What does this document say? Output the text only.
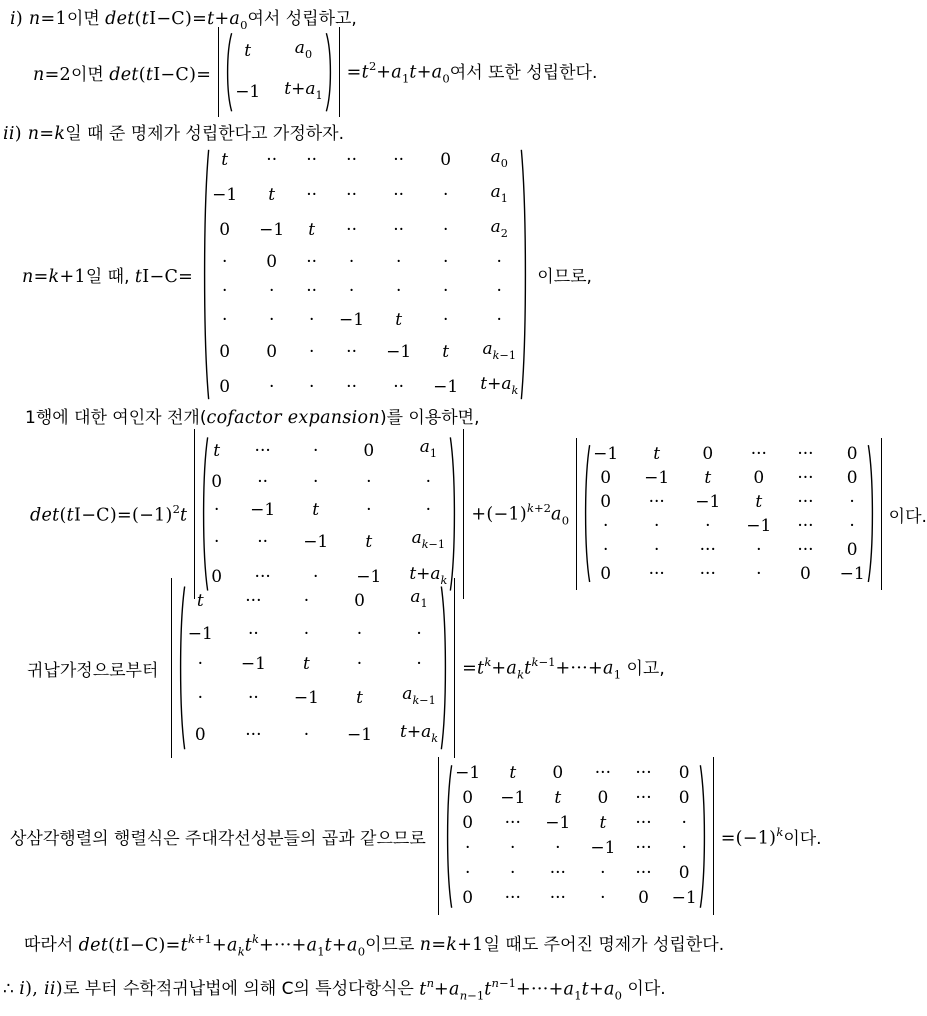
i) n=1 이면 $\det(tI-C)=t+a_0$ 여서 성립하고,
n=2 이면 det(tI−C)=
t	$a_0$
−1 $t+a_1$
$=t^2+a_1t+a_0$ 여서 또한 성립한다.
ii) n=k 일 때 준 명제가 성립한다고 가정하자.
n=k+1 일 때, tI−C=
t ·· ·· ·· ·· 0 $a_0$
−1 t ·· ·· ·· · $a_1$
0 −1 t ·· ·· · $a_2$
· 0 ·· · · ·	·
· · ·· · · ·	·
· · · −1 t ·	·
0 0 · ·· −1 t $a_{k-1}$
0 · · ·· ·· −1 $t+a_k$
이므로,
1행에 대한 여인자 전개( cofactor expansion )를 이용하면,
$\det(tI-C)=(-1)^2t$
t ··· ·	0	$a_1$
0 ··	·	·	·
· −1 t	·	·
· ·· −1 t $a_{k-1}$
0 ··· · −1 $t+a_k$
$+(-1)^{k+2}a_0$
−1 t 0 ··· ··· 0
0 −1 t 0 ··· 0
0 ··· −1 t ··· ·
·	·	· −1 ··· ·
·	· ··· · ··· 0
0 ··· ··· · 0 −1
이다.
귀납가정으로부터
t ··· ·	0	$a_1$
−1 ··	·	·	·
· −1 t	·	·
·	·· −1 t $a_{k-1}$
0 ··· · −1 $t+a_k$
$=t^k+a_kt^{k-1}+\cdot\cdot\cdot+a_1$ 이고,
상삼각행렬의 행렬식은 주대각선성분들의 곱과 같으므로
−1 t 0 ··· ··· 0
0 −1 t 0 ··· 0
0 ··· −1 t ··· ·
· · · −1 ··· ·
· · ··· · ··· 0
0 ··· ··· · 0 −1
$=(-1)^k$ 이다.
따라서 $\det(tI-C)=t^{k+1}+a_kt^k+\cdot\cdot\cdot+a_1t+a_0$ 이므로 n=k+1 일 때도 주어진 명제가 성립한다.
∴ i), ii) 로 부터 수학적귀납법에 의해 C의 특성다항식은 $t^n+a_{n-1}t^{n-1}+\cdot\cdot\cdot+a_1t+a_0$ 이다.
